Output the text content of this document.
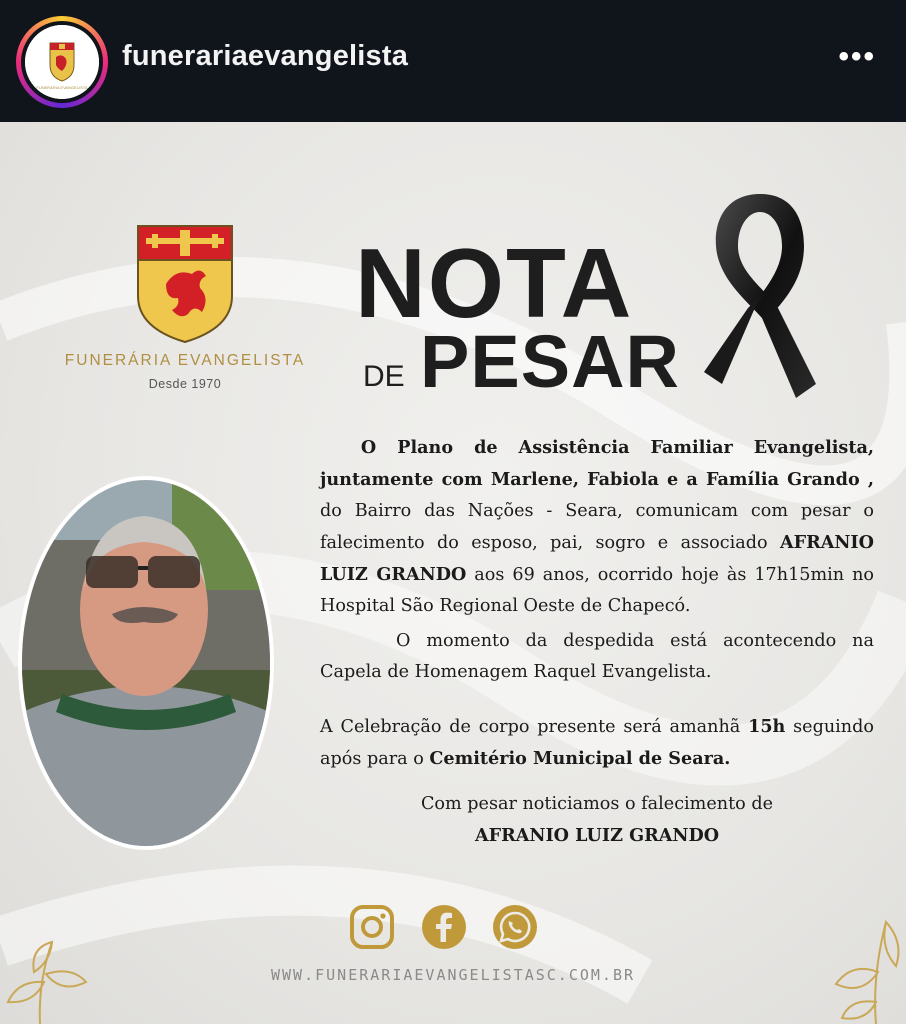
FUNERÁRIA EVANGELISTA
funerariaevangelista	•••
FUNERÁRIA EVANGELISTA
Desde 1970
NOTA
DE PESAR
O Plano de Assistência Familiar Evangelista, juntamente com Marlene, Fabiola e a Família Grando , do Bairro das Nações - Seara, comunicam com pesar o falecimento do esposo, pai, sogro e associado AFRANIO LUIZ GRANDO aos 69 anos, ocorrido hoje às 17h15min no Hospital São Regional Oeste de Chapecó.
O momento da despedida está acontecendo na Capela de Homenagem Raquel Evangelista.
A Celebração de corpo presente será amanhã 15h seguindo após para o Cemitério Municipal de Seara.
Com pesar noticiamos o falecimento de
AFRANIO LUIZ GRANDO
WWW.FUNERARIAEVANGELISTASC.COM.BR
